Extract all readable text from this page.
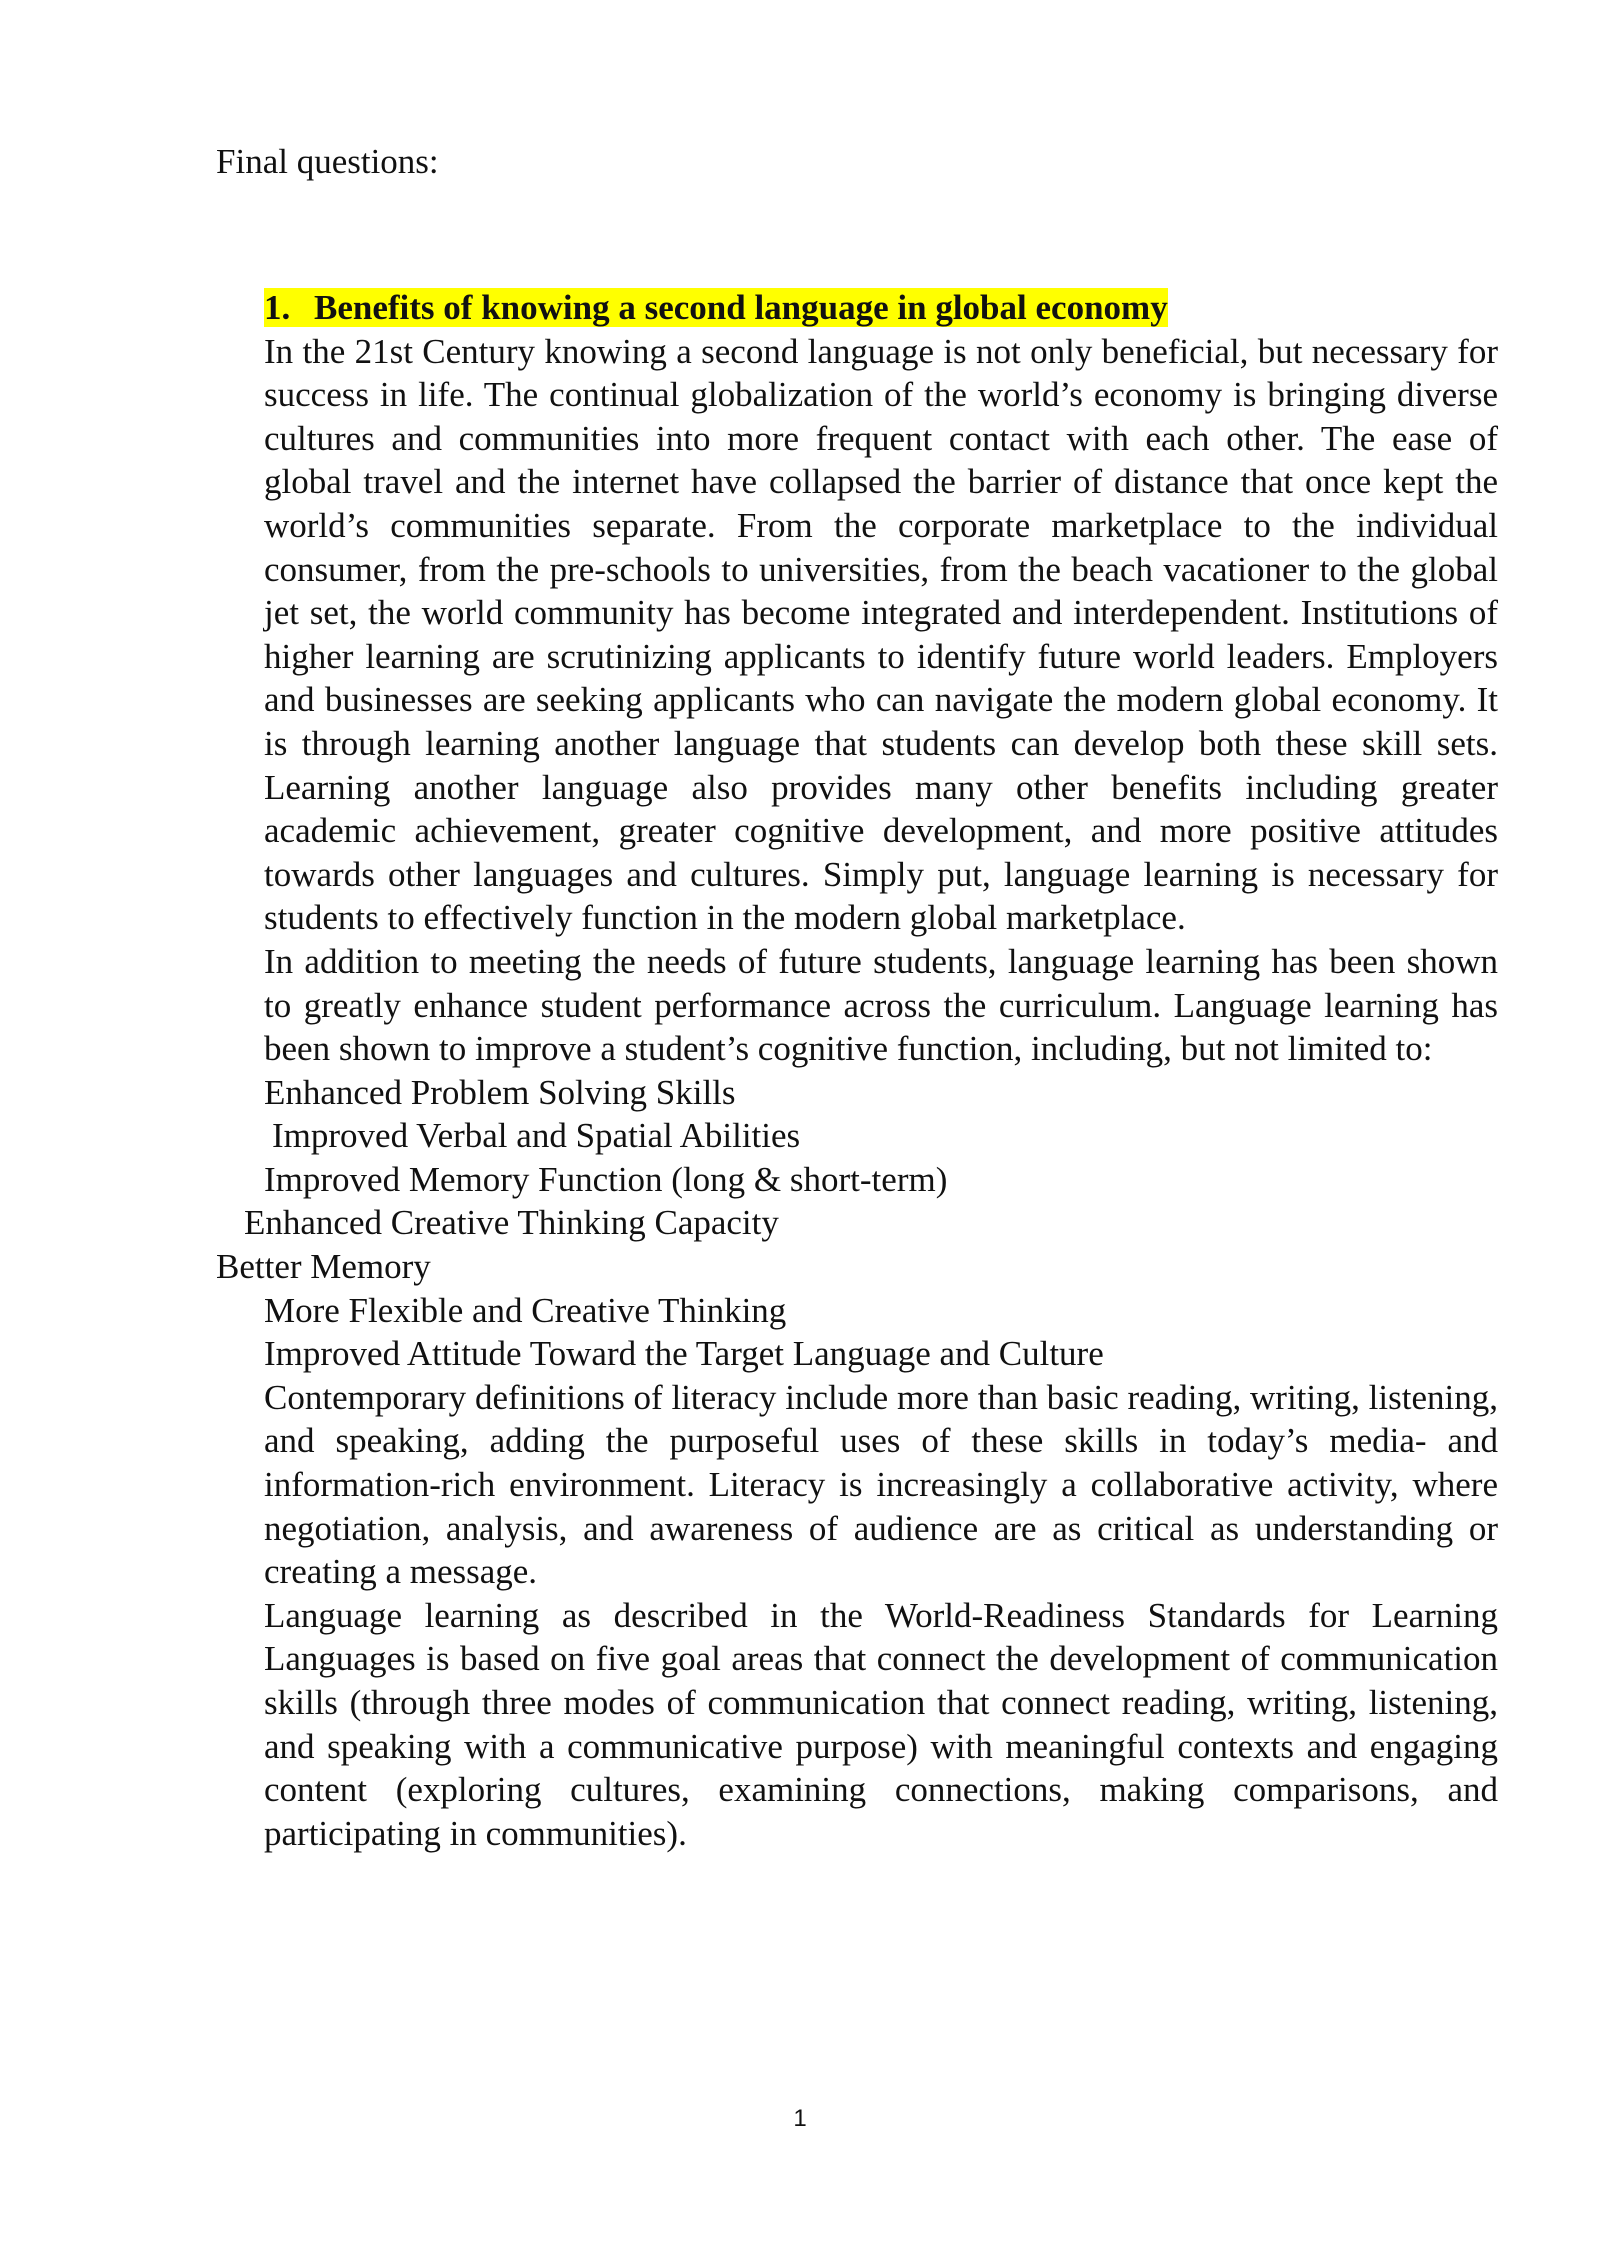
Final questions:

1. Benefits of knowing a second language in global economy

In the 21st Century knowing a second language is not only beneficial, but necessary for success in life. The continual globalization of the world’s economy is bringing diverse cultures and communities into more frequent contact with each other. The ease of global travel and the internet have collapsed the barrier of distance that once kept the world’s communities separate. From the corporate marketplace to the individual consumer, from the pre-schools to universities, from the beach vacationer to the global jet set, the world community has become integrated and interdependent. Institutions of higher learning are scrutinizing applicants to identify future world leaders. Employers and businesses are seeking applicants who can navigate the modern global economy. It is through learning another language that students can develop both these skill sets. Learning another language also provides many other benefits including greater academic achievement, greater cognitive development, and more positive attitudes towards other languages and cultures. Simply put, language learning is necessary for students to effectively function in the modern global marketplace.

In addition to meeting the needs of future students, language learning has been shown to greatly enhance student performance across the curriculum. Language learning has been shown to improve a student’s cognitive function, including, but not limited to:

Enhanced Problem Solving Skills

Improved Verbal and Spatial Abilities

Improved Memory Function (long & short-term)

Enhanced Creative Thinking Capacity

Better Memory

More Flexible and Creative Thinking

Improved Attitude Toward the Target Language and Culture

Contemporary definitions of literacy include more than basic reading, writing, listening, and speaking, adding the purposeful uses of these skills in today’s media- and information-rich environment. Literacy is increasingly a collaborative activity, where negotiation, analysis, and awareness of audience are as critical as understanding or creating a message.

Language learning as described in the World-Readiness Standards for Learning Languages is based on five goal areas that connect the development of communication skills (through three modes of communication that connect reading, writing, listening, and speaking with a communicative purpose) with meaningful contexts and engaging content (exploring cultures, examining connections, making comparisons, and participating in communities).

1
